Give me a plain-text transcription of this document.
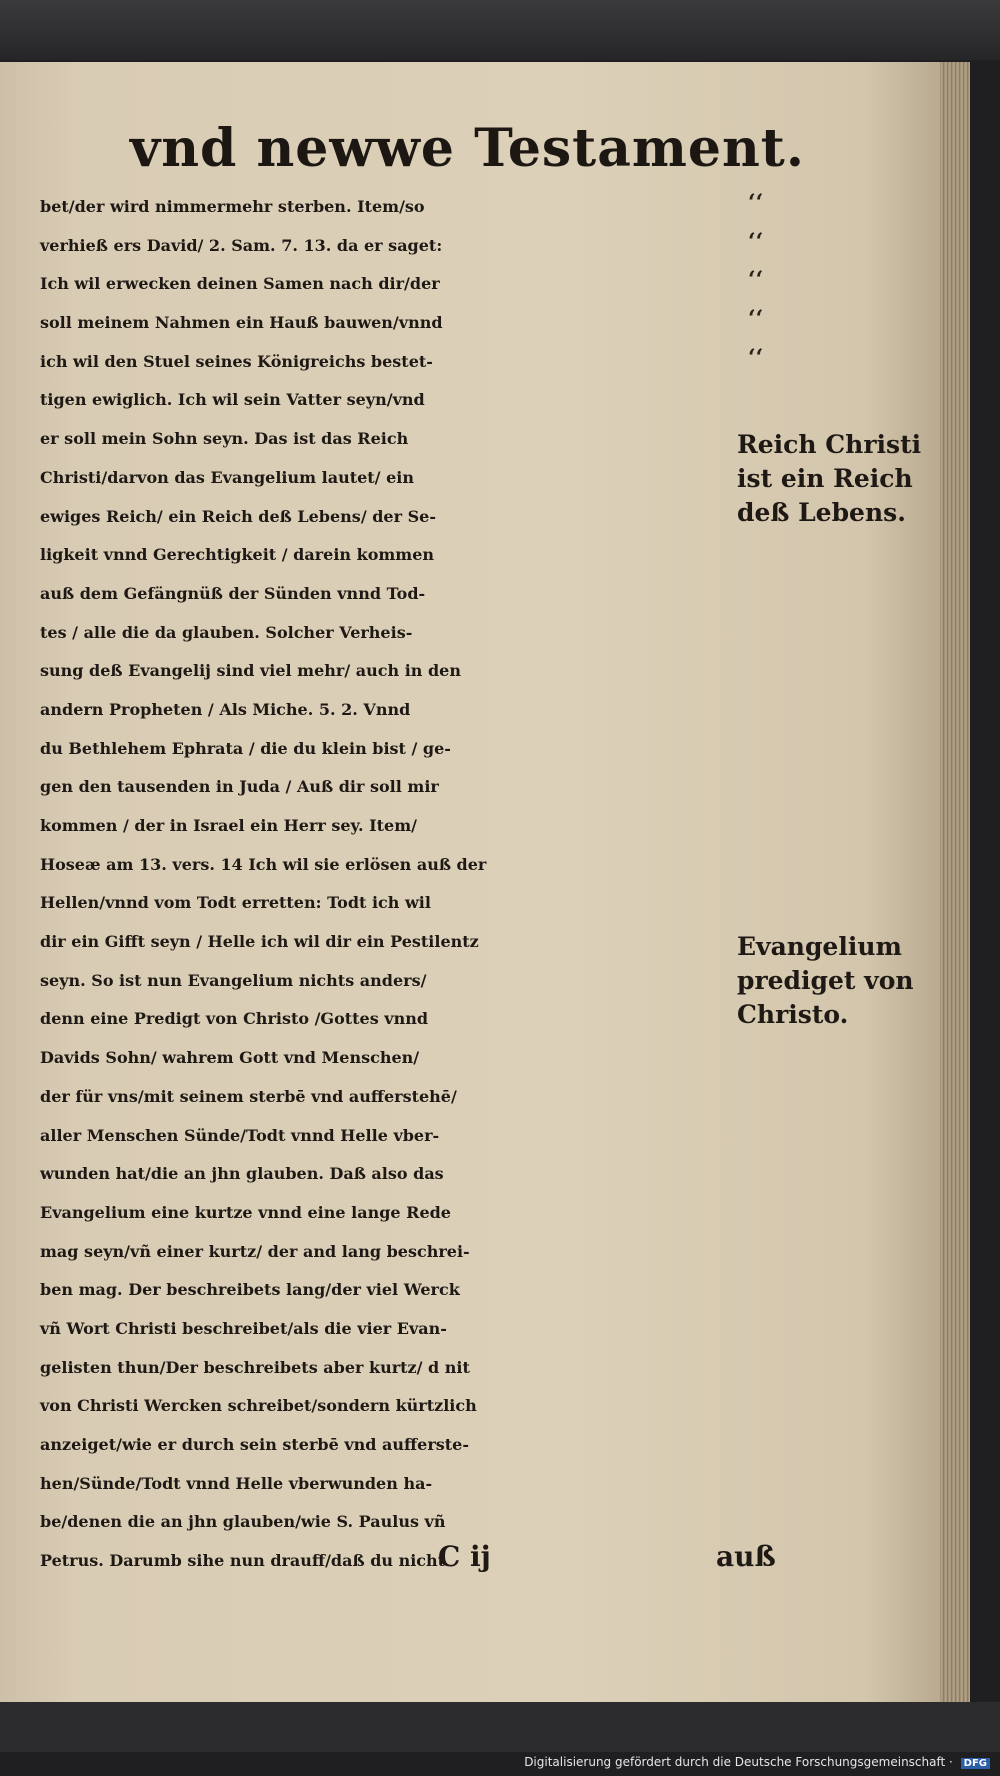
vnd newwe Testament.
bet/der wird nimmermehr sterben. Item/so
verhieß ers David/ 2. Sam. 7. 13. da er saget:
Ich wil erwecken deinen Samen nach dir/der
soll meinem Nahmen ein Hauß bauwen/vnnd
ich wil den Stuel seines Königreichs bestet-
tigen ewiglich. Ich wil sein Vatter seyn/vnd
er soll mein Sohn seyn. Das ist das Reich
Christi/darvon das Evangelium lautet/ ein
ewiges Reich/ ein Reich deß Lebens/ der Se-
ligkeit vnnd Gerechtigkeit / darein kommen
auß dem Gefängnüß der Sünden vnnd Tod-
tes / alle die da glauben. Solcher Verheis-
sung deß Evangelij sind viel mehr/ auch in den
andern Propheten / Als Miche. 5. 2. Vnnd
du Bethlehem Ephrata / die du klein bist / ge-
gen den tausenden in Juda / Auß dir soll mir
kommen / der in Israel ein Herr sey. Item/
Hoseæ am 13. vers. 14 Ich wil sie erlösen auß der
Hellen/vnnd vom Todt erretten: Todt ich wil
dir ein Gifft seyn / Helle ich wil dir ein Pestilentz
seyn. So ist nun Evangelium nichts anders/
denn eine Predigt von Christo /Gottes vnnd
Davids Sohn/ wahrem Gott vnd Menschen/
der für vns/mit seinem sterbē vnd aufferstehē/
aller Menschen Sünde/Todt vnnd Helle vber-
wunden hat/die an jhn glauben. Daß also das
Evangelium eine kurtze vnnd eine lange Rede
mag seyn/vñ einer kurtz/ der and lang beschrei-
ben mag. Der beschreibets lang/der viel Werck
vñ Wort Christi beschreibet/als die vier Evan-
gelisten thun/Der beschreibets aber kurtz/ d nit
von Christi Wercken schreibet/sondern kürtzlich
anzeiget/wie er durch sein sterbē vnd aufferste-
hen/Sünde/Todt vnnd Helle vberwunden ha-
be/denen die an jhn glauben/wie S. Paulus vñ
Petrus. Darumb sihe nun drauff/daß du nicht
‘‘
‘‘
‘‘
‘‘
‘‘
Reich Christi ist ein Reich deß Lebens.
Evangelium prediget von Christo.
C ij	auß
Digitalisierung gefördert durch die Deutsche Forschungsgemeinschaft · DFG
